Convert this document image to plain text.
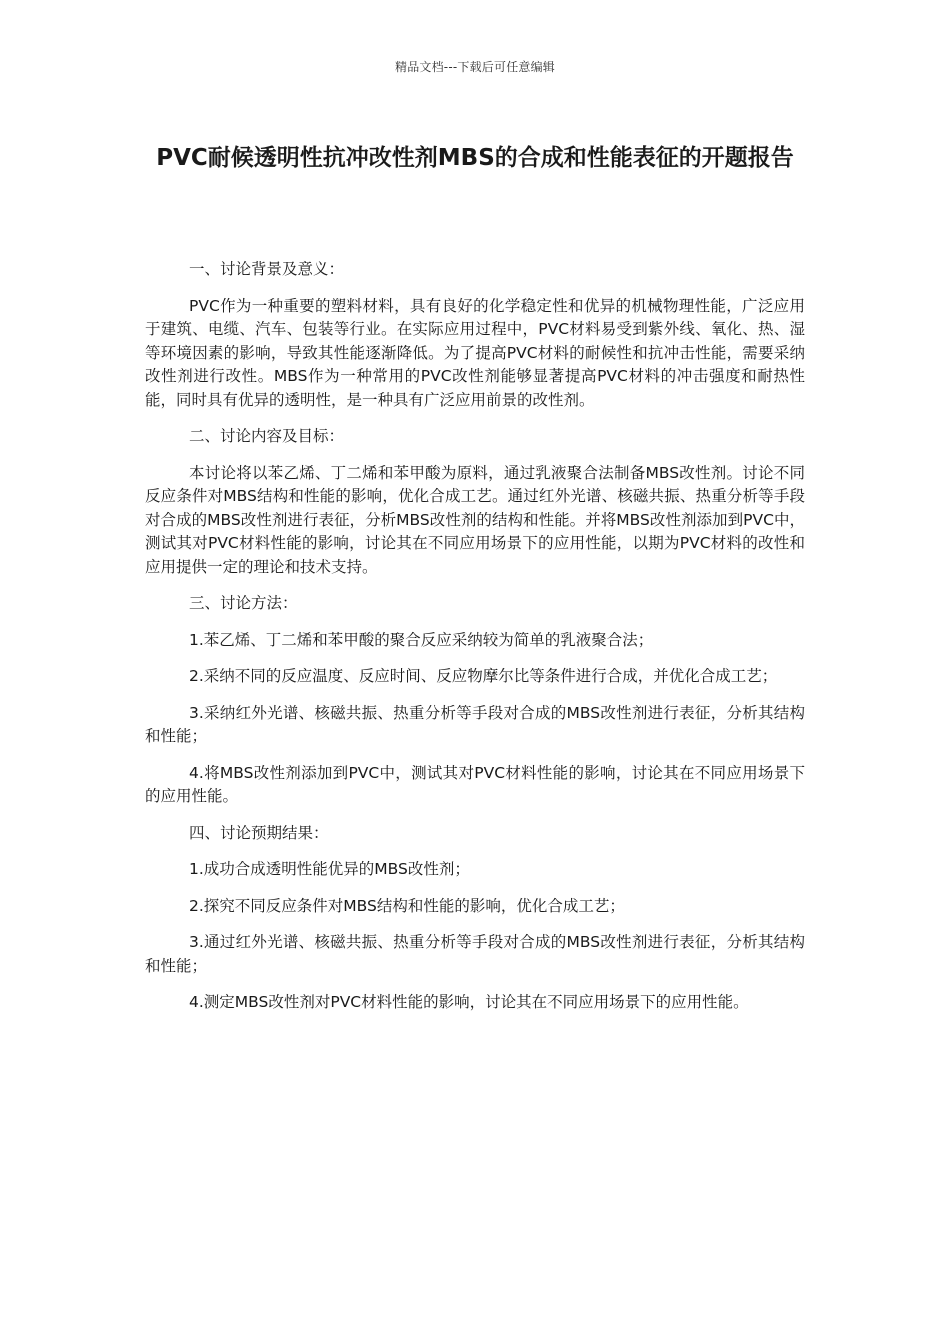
精品文档---下载后可任意编辑
PVC耐候透明性抗冲改性剂MBS的合成和性能表征的开题报告

一、讨论背景及意义：

PVC作为一种重要的塑料材料，具有良好的化学稳定性和优异的机械物理性能，广泛应用于建筑、电缆、汽车、包装等行业。在实际应用过程中，PVC材料易受到紫外线、氧化、热、湿等环境因素的影响，导致其性能逐渐降低。为了提高PVC材料的耐候性和抗冲击性能，需要采纳改性剂进行改性。MBS作为一种常用的PVC改性剂能够显著提高PVC材料的冲击强度和耐热性能，同时具有优异的透明性，是一种具有广泛应用前景的改性剂。

二、讨论内容及目标：

本讨论将以苯乙烯、丁二烯和苯甲酸为原料，通过乳液聚合法制备MBS改性剂。讨论不同反应条件对MBS结构和性能的影响，优化合成工艺。通过红外光谱、核磁共振、热重分析等手段对合成的MBS改性剂进行表征，分析MBS改性剂的结构和性能。并将MBS改性剂添加到PVC中，测试其对PVC材料性能的影响，讨论其在不同应用场景下的应用性能，以期为PVC材料的改性和应用提供一定的理论和技术支持。

三、讨论方法：

1.苯乙烯、丁二烯和苯甲酸的聚合反应采纳较为简单的乳液聚合法；

2.采纳不同的反应温度、反应时间、反应物摩尔比等条件进行合成，并优化合成工艺；

3.采纳红外光谱、核磁共振、热重分析等手段对合成的MBS改性剂进行表征，分析其结构和性能；

4.将MBS改性剂添加到PVC中，测试其对PVC材料性能的影响，讨论其在不同应用场景下的应用性能。

四、讨论预期结果：

1.成功合成透明性能优异的MBS改性剂；

2.探究不同反应条件对MBS结构和性能的影响，优化合成工艺；

3.通过红外光谱、核磁共振、热重分析等手段对合成的MBS改性剂进行表征，分析其结构和性能；

4.测定MBS改性剂对PVC材料性能的影响，讨论其在不同应用场景下的应用性能。
